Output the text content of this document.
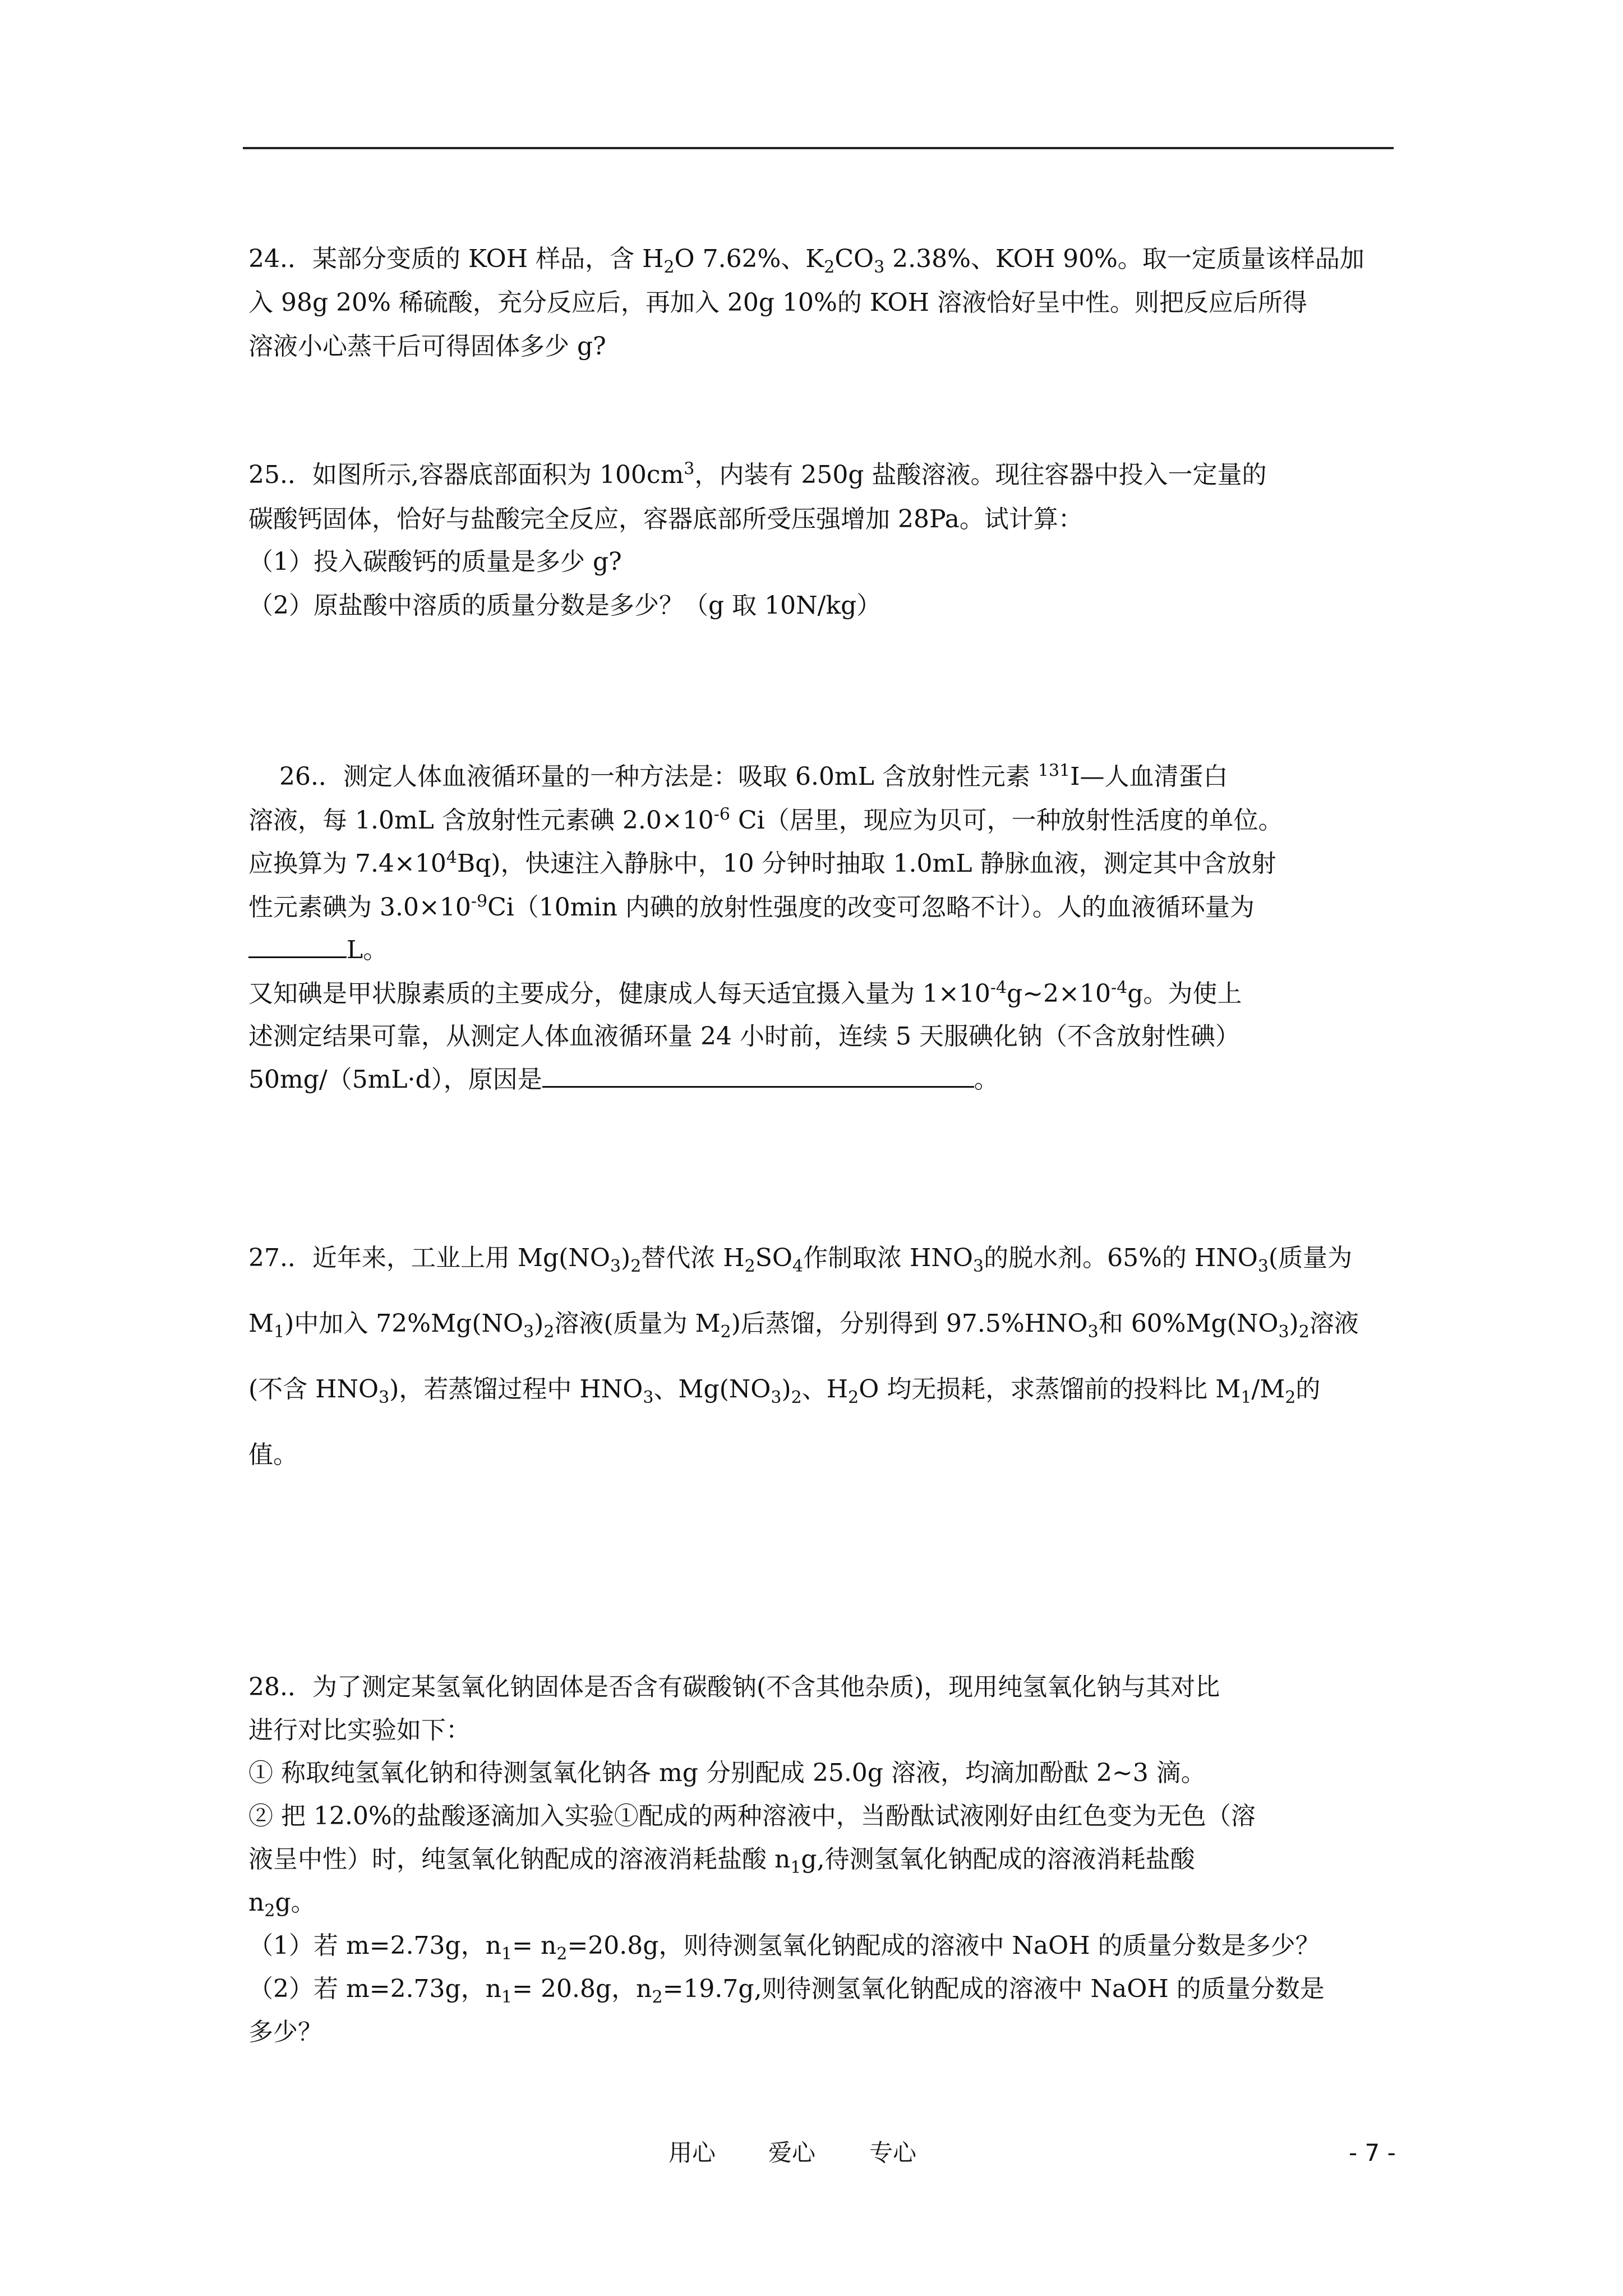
24.．某部分变质的 KOH 样品，含 $H_2O$ 7.62%、$K_2CO_3$ 2.38%、KOH 90%。取一定质量该样品加
入 98g 20% 稀硫酸，充分反应后，再加入 20g 10%的 KOH 溶液恰好呈中性。则把反应后所得
溶液小心蒸干后可得固体多少 g?
25.．如图所示,容器底部面积为 $100cm^3$，内装有 250g 盐酸溶液。现往容器中投入一定量的
碳酸钙固体，恰好与盐酸完全反应，容器底部所受压强增加 28Pa。试计算：
（1）投入碳酸钙的质量是多少 g?
（2）原盐酸中溶质的质量分数是多少？（g 取 10N/kg）
26.．测定人体血液循环量的一种方法是：吸取 6.0mL 含放射性元素 $^{131}$I—人血清蛋白
溶液，每 1.0mL 含放射性元素碘 $2.0\times 10^{-6}$ Ci（居里，现应为贝可，一种放射性活度的单位。
应换算为 $7.4\times 10^4Bq$)，快速注入静脉中，10 分钟时抽取 1.0mL 静脉血液，测定其中含放射
性元素碘为 $3.0\times 10^{-9}Ci(10\min$ 内碘的放射性强度的改变可忽略不计）。人的血液循环量为
L。
又知碘是甲状腺素质的主要成分，健康成人每天适宜摄入量为 $1\times 10^{-4}g\sim 2\times 10^{-4}g$。为使上
述测定结果可靠，从测定人体血液循环量 24 小时前，连续 5 天服碘化钠（不含放射性碘）
50mg/（5mL·d），原因是	。
27.．近年来，工业上用 $Mg(NO_3)_2$替代浓 $H_2SO_4$作制取浓 $HNO_3$的脱水剂。65%的 $HNO_3$(质量为
$M_1$)中加入 $72\%Mg(NO_3)_2$溶液(质量为 $M_2$)后蒸馏，分别得到 $97.5\%HNO_3$和 $60\%Mg(NO_3)_2$溶液
(不含 $HNO_3$)，若蒸馏过程中 $HNO_3$、$Mg(NO_3)_2$、$H_2O$ 均无损耗，求蒸馏前的投料比 $M_1/M_2$的
值。
28.．为了测定某氢氧化钠固体是否含有碳酸钠(不含其他杂质)，现用纯氢氧化钠与其对比
进行对比实验如下：
① 称取纯氢氧化钠和待测氢氧化钠各 mg 分别配成 25.0g 溶液，均滴加酚酞 2~3 滴。
② 把 12.0%的盐酸逐滴加入实验①配成的两种溶液中，当酚酞试液刚好由红色变为无色（溶
液呈中性）时，纯氢氧化钠配成的溶液消耗盐酸 $n_1g$,待测氢氧化钠配成的溶液消耗盐酸
$n_2g$。
（1）若 m=2.73g，$n_1= n_2=20.8g$，则待测氢氧化钠配成的溶液中 NaOH 的质量分数是多少？
（2）若 m=2.73g，$n_1= 20.8g$，$n_2=19.7g$,则待测氢氧化钠配成的溶液中 NaOH 的质量分数是
多少？
用心 爱心 专心	- 7 -
